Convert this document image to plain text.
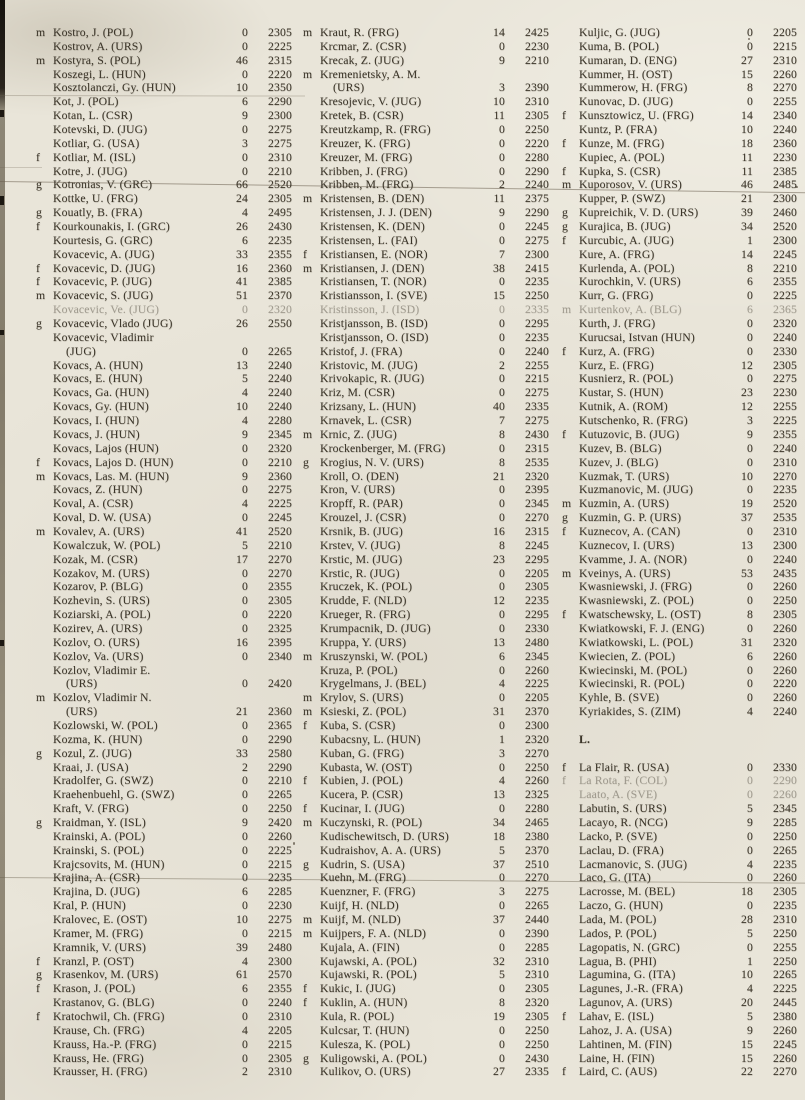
m Kostro, J. (POL)	0	2305
Kostrov, A. (URS)	0	2225
m Kostyra, S. (POL)	46	2315
Koszegi, L. (HUN)	0	2220
Kosztolanczi, Gy. (HUN)	10	2350
Kot, J. (POL)	6	2290
Kotan, L. (CSR)	9	2300
Kotevski, D. (JUG)	0	2275
Kotliar, G. (USA)	3	2275
f	Kotliar, M. (ISL)	0	2310
Kotre, J. (JUG)	0	2210
g Kotronias, V. (GRC)	66	2520
Kottke, U. (FRG)	24	2305
g Kouatly, B. (FRA)	4	2495
f	Kourkounakis, I. (GRC)	26	2430
Kourtesis, G. (GRC)	6	2235
Kovacevic, A. (JUG)	33	2355
f	Kovacevic, D. (JUG)	16	2360
f	Kovacevic, P. (JUG)	41	2385
m Kovacevic, S. (JUG)	51	2370
Kovacevic, Ve. (JUG)	0	2320
g Kovacevic, Vlado (JUG)	26	2550
Kovacevic, Vladimir
(JUG)	0	2265
Kovacs, A. (HUN)	13	2240
Kovacs, E. (HUN)	5	2240
Kovacs, Ga. (HUN)	4	2240
Kovacs, Gy. (HUN)	10	2240
Kovacs, I. (HUN)	4	2280
Kovacs, J. (HUN)	9	2345
Kovacs, Lajos (HUN)	0	2320
f	Kovacs, Lajos D. (HUN)	0	2210
m Kovacs, Las. M. (HUN)	9	2360
Kovacs, Z. (HUN)	0	2275
Koval, A. (CSR)	4	2225
Koval, D. W. (USA)	0	2245
m Kovalev, A. (URS)	41	2520
Kowalczuk, W. (POL)	5	2210
Kozak, M. (CSR)	17	2270
Kozakov, M. (URS)	0	2270
Kozarov, P. (BLG)	0	2355
Kozhevin, S. (URS)	0	2305
Koziarski, A. (POL)	0	2220
Kozirev, A. (URS)	0	2325
Kozlov, O. (URS)	16	2395
Kozlov, Va. (URS)	0	2340
Kozlov, Vladimir E.
(URS)	0	2420
m Kozlov, Vladimir N.
(URS)	21	2360
Kozlowski, W. (POL)	0	2365
Kozma, K. (HUN)	0	2290
g Kozul, Z. (JUG)	33	2580
Kraai, J. (USA)	2	2290
Kradolfer, G. (SWZ)	0	2210
Kraehenbuehl, G. (SWZ)	0	2265
Kraft, V. (FRG)	0	2250
g Kraidman, Y. (ISL)	9	2420
Krainski, A. (POL)	0	2260
Krainski, S. (POL)	0	2225
Krajcsovits, M. (HUN)	0	2215
Krajina, A. (CSR)	0	2235
Krajina, D. (JUG)	6	2285
Kral, P. (HUN)	0	2230
Kralovec, E. (OST)	10	2275
Kramer, M. (FRG)	0	2215
Kramnik, V. (URS)	39	2480
f	Kranzl, P. (OST)	4	2300
g Krasenkov, M. (URS)	61	2570
f	Krason, J. (POL)	6	2355
Krastanov, G. (BLG)	0	2240
f	Kratochwil, Ch. (FRG)	0	2310
Krause, Ch. (FRG)	4	2205
Krauss, Ha.-P. (FRG)	0	2215
Krauss, He. (FRG)	0	2305
Krausser, H. (FRG)	2	2310
m Kraut, R. (FRG)	14	2425
Krcmar, Z. (CSR)	0	2230
Krecak, Z. (JUG)	9	2210
m Kremenietsky, A. M.
(URS)	3	2390
Kresojevic, V. (JUG)	10	2310
Kretek, B. (CSR)	11	2305
Kreutzkamp, R. (FRG)	0	2250
Kreuzer, K. (FRG)	0	2220
Kreuzer, M. (FRG)	0	2280
Kribben, J. (FRG)	0	2290
Kribben, M. (FRG)	2	2240
m Kristensen, B. (DEN)	11	2375
Kristensen, J. J. (DEN)	9	2290
Kristensen, K. (DEN)	0	2245
Kristensen, L. (FAI)	0	2275
f	Kristiansen, E. (NOR)	7	2300
m Kristiansen, J. (DEN)	38	2415
Kristiansen, T. (NOR)	0	2235
Kristiansson, I. (SVE)	15	2250
Kristinsson, J. (ISD)	0	2335
Kristjansson, B. (ISD)	0	2295
Kristjansson, O. (ISD)	0	2235
Kristof, J. (FRA)	0	2240
Kristovic, M. (JUG)	2	2255
Krivokapic, R. (JUG)	0	2215
Kriz, M. (CSR)	0	2275
Krizsany, L. (HUN)	40	2335
Krnavek, L. (CSR)	7	2275
m Krnic, Z. (JUG)	8	2430
Krockenberger, M. (FRG)	0	2315
g Krogius, N. V. (URS)	8	2535
Kroll, O. (DEN)	21	2320
Kron, V. (URS)	0	2395
Kropff, R. (PAR)	0	2345
Krouzel, J. (CSR)	0	2270
Krsnik, B. (JUG)	16	2315
Krstev, V. (JUG)	8	2245
Krstic, M. (JUG)	23	2295
Krstic, R. (JUG)	0	2205
Kruczek, K. (POL)	0	2305
Krudde, F. (NLD)	12	2235
Krueger, R. (FRG)	0	2295
Krumpacnik, D. (JUG)	0	2330
Kruppa, Y. (URS)	13	2480
m Kruszynski, W. (POL)	6	2345
Kruza, P. (POL)	0	2260
Krygelmans, J. (BEL)	4	2225
m Krylov, S. (URS)	0	2205
m Ksieski, Z. (POL)	31	2370
f	Kuba, S. (CSR)	0	2300
Kubacsny, L. (HUN)	1	2320
Kuban, G. (FRG)	3	2270
Kubasta, W. (OST)	0	2250
f	Kubien, J. (POL)	4	2260
Kucera, P. (CSR)	13	2325
f	Kucinar, I. (JUG)	0	2280
m Kuczynski, R. (POL)	34	2465
Kudischewitsch, D. (URS)	18	2380
Kudraishov, A. A. (URS)	5	2370
g Kudrin, S. (USA)	37	2510
Kuehn, M. (FRG)	0	2270
Kuenzner, F. (FRG)	3	2275
Kuijf, H. (NLD)	0	2265
m Kuijf, M. (NLD)	37	2440
m Kuijpers, F. A. (NLD)	0	2390
Kujala, A. (FIN)	0	2285
Kujawski, A. (POL)	32	2310
Kujawski, R. (POL)	5	2310
f	Kukic, I. (JUG)	0	2305
f	Kuklin, A. (HUN)	8	2320
Kula, R. (POL)	19	2305
Kulcsar, T. (HUN)	0	2250
Kulesza, K. (POL)	0	2250
g Kuligowski, A. (POL)	0	2430
Kulikov, O. (URS)	27	2335
Kuljic, G. (JUG)	0	2205
Kuma, B. (POL)	0	2215
Kumaran, D. (ENG)	27	2310
Kummer, H. (OST)	15	2260
Kummerow, H. (FRG)	8	2270
Kunovac, D. (JUG)	0	2255
f	Kunsztowicz, U. (FRG)	14	2340
Kuntz, P. (FRA)	10	2240
f	Kunze, M. (FRG)	18	2360
Kupiec, A. (POL)	11	2230
f	Kupka, S. (CSR)	11	2385
m Kuporosov, V. (URS)	46	2485
Kupper, P. (SWZ)	21	2300
g Kupreichik, V. D. (URS)	39	2460
g Kurajica, B. (JUG)	34	2520
f	Kurcubic, A. (JUG)	1	2300
Kure, A. (FRG)	14	2245
Kurlenda, A. (POL)	8	2210
Kurochkin, V. (URS)	6	2355
Kurr, G. (FRG)	0	2225
m Kurtenkov, A. (BLG)	6	2365
Kurth, J. (FRG)	0	2320
Kurucsai, Istvan (HUN)	0	2240
f	Kurz, A. (FRG)	0	2330
Kurz, E. (FRG)	12	2305
Kusnierz, R. (POL)	0	2275
Kustar, S. (HUN)	23	2230
Kutnik, A. (ROM)	12	2255
Kutschenko, R. (FRG)	3	2225
f	Kutuzovic, B. (JUG)	9	2355
Kuzev, B. (BLG)	0	2240
Kuzev, J. (BLG)	0	2310
Kuzmak, T. (URS)	10	2270
Kuzmanovic, M. (JUG)	0	2235
m Kuzmin, A. (URS)	19	2520
g Kuzmin, G. P. (URS)	37	2535
f	Kuznecov, A. (CAN)	0	2310
Kuznecov, I. (URS)	13	2300
Kvamme, J. A. (NOR)	0	2240
m Kveinys, A. (URS)	53	2435
Kwasniewski, J. (FRG)	0	2260
Kwasniewski, Z. (POL)	0	2250
f	Kwatschewsky, L. (OST)	8	2305
Kwiatkowski, F. J. (ENG)	0	2260
Kwiatkowski, L. (POL)	31	2320
Kwiecien, Z. (POL)	6	2260
Kwiecinski, M. (POL)	0	2260
Kwiecinski, R. (POL)	0	2220
Kyhle, B. (SVE)	0	2260
Kyriakides, S. (ZIM)	4	2240
L.
f	La Flair, R. (USA)	0	2330
f	La Rota, F. (COL)	0	2290
Laato, A. (SVE)	0	2260
Labutin, S. (URS)	5	2345
Lacayo, R. (NCG)	9	2285
Lacko, P. (SVE)	0	2250
Laclau, D. (FRA)	0	2265
Lacmanovic, S. (JUG)	4	2235
Laco, G. (ITA)	0	2260
Lacrosse, M. (BEL)	18	2305
Laczo, G. (HUN)	0	2235
Lada, M. (POL)	28	2310
Lados, P. (POL)	5	2250
Lagopatis, N. (GRC)	0	2255
Lagua, B. (PHI)	1	2250
Lagumina, G. (ITA)	10	2265
Lagunes, J.-R. (FRA)	4	2225
Lagunov, A. (URS)	20	2445
f	Lahav, E. (ISL)	5	2380
Lahoz, J. A. (USA)	9	2260
Lahtinen, M. (FIN)	15	2245
Laine, H. (FIN)	15	2260
f	Laird, C. (AUS)	22	2270
